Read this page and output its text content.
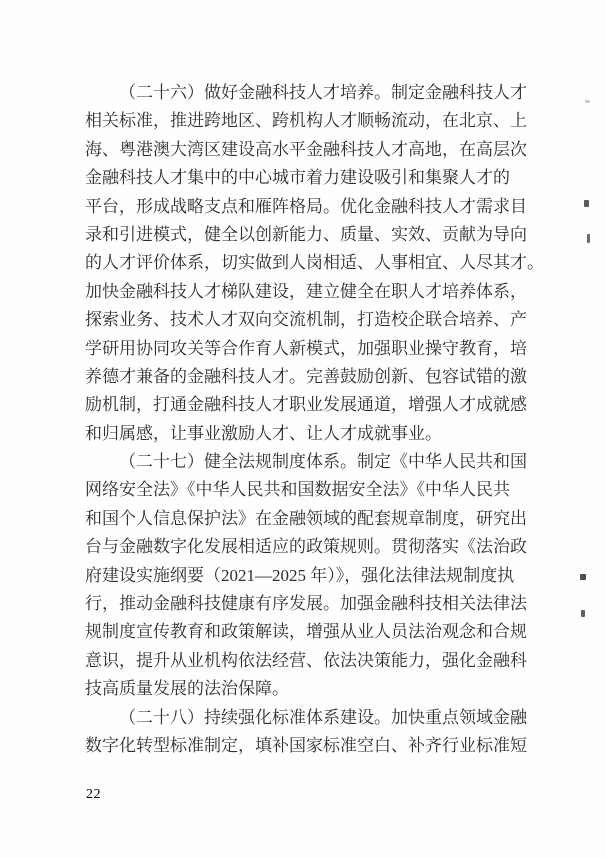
（二十六）做好金融科技人才培养。制定金融科技人才
相关标准，推进跨地区、跨机构人才顺畅流动，在北京、上
海、粤港澳大湾区建设高水平金融科技人才高地，在高层次
金融科技人才集中的中心城市着力建设吸引和集聚人才的
平台，形成战略支点和雁阵格局。优化金融科技人才需求目
录和引进模式，健全以创新能力、质量、实效、贡献为导向
的人才评价体系，切实做到人岗相适、人事相宜、人尽其才。
加快金融科技人才梯队建设，建立健全在职人才培养体系，
探索业务、技术人才双向交流机制，打造校企联合培养、产
学研用协同攻关等合作育人新模式，加强职业操守教育，培
养德才兼备的金融科技人才。完善鼓励创新、包容试错的激
励机制，打通金融科技人才职业发展通道，增强人才成就感
和归属感，让事业激励人才、让人才成就事业。
（二十七）健全法规制度体系。制定《中华人民共和国
网络安全法》《中华人民共和国数据安全法》《中华人民共
和国个人信息保护法》在金融领域的配套规章制度，研究出
台与金融数字化发展相适应的政策规则。贯彻落实《法治政
府建设实施纲要（2021—2025 年）》，强化法律法规制度执
行，推动金融科技健康有序发展。加强金融科技相关法律法
规制度宣传教育和政策解读，增强从业人员法治观念和合规
意识，提升从业机构依法经营、依法决策能力，强化金融科
技高质量发展的法治保障。
（二十八）持续强化标准体系建设。加快重点领域金融
数字化转型标准制定，填补国家标准空白、补齐行业标准短
22
